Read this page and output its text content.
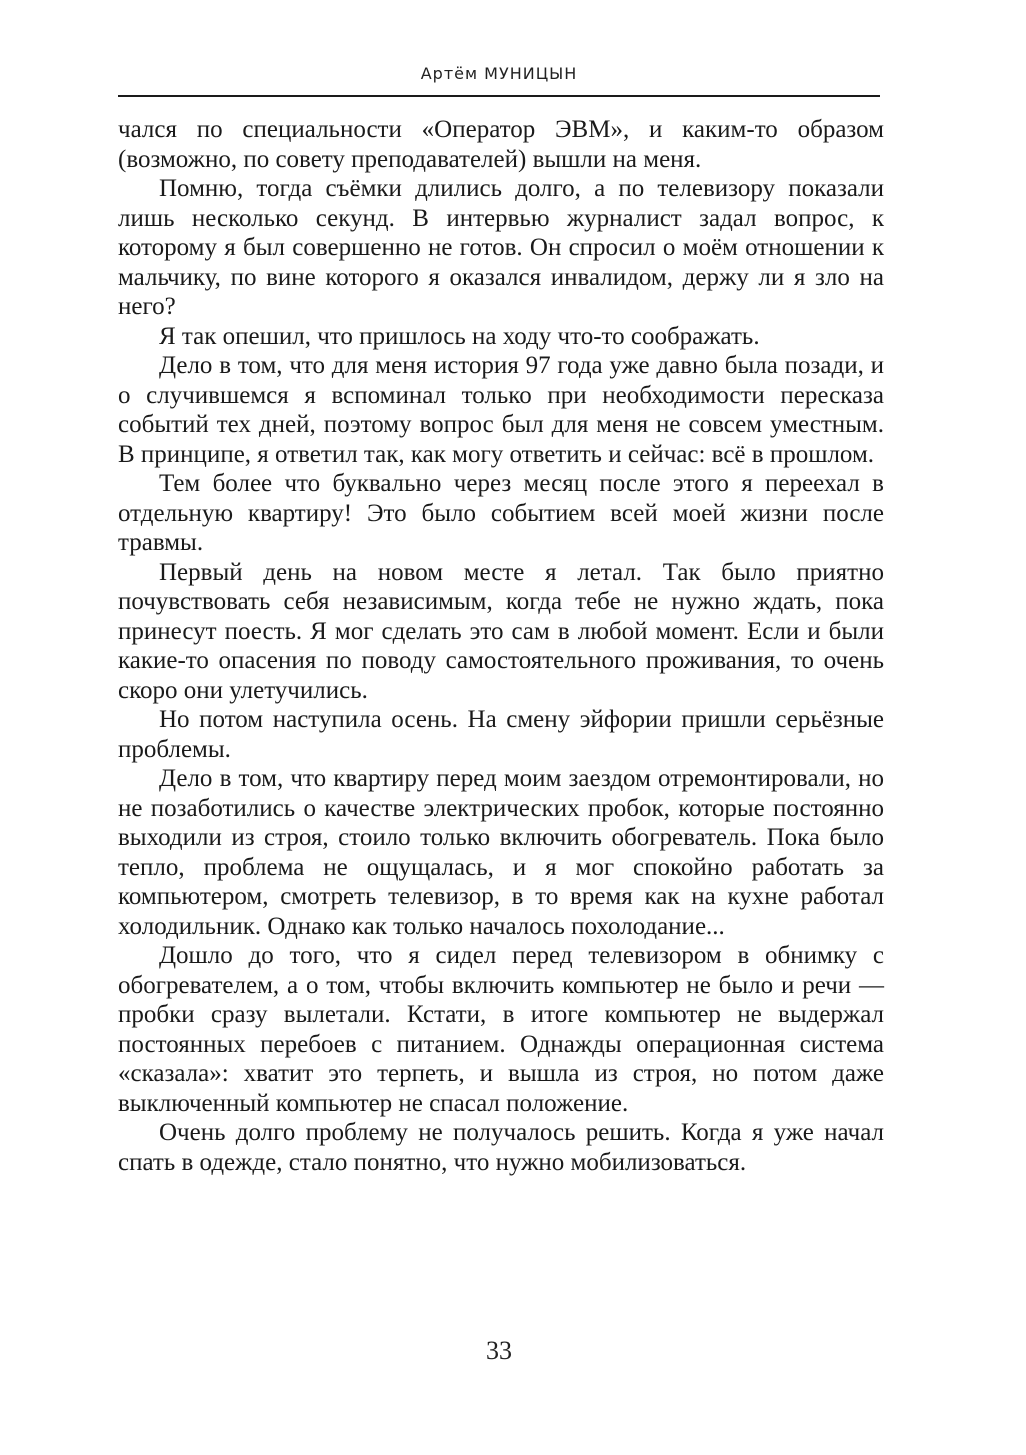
Артём МУНИЦЫН

чался по специальности «Оператор ЭВМ», и каким-то образом (возможно, по совету преподавателей) вышли на меня.

Помню, тогда съёмки длились долго, а по телевизору показали лишь несколько секунд. В интервью журналист задал вопрос, к которому я был совершенно не готов. Он спросил о моём отношении к мальчику, по вине которого я оказался инвалидом, держу ли я зло на него?

Я так опешил, что пришлось на ходу что-то соображать.

Дело в том, что для меня история 97 года уже давно была позади, и о случившемся я вспоминал только при необходимости пересказа событий тех дней, поэтому вопрос был для меня не совсем уместным. В принципе, я ответил так, как могу ответить и сейчас: всё в прошлом.

Тем более что буквально через месяц после этого я переехал в отдельную квартиру! Это было событием всей моей жизни после травмы.

Первый день на новом месте я летал. Так было приятно почувствовать себя независимым, когда тебе не нужно ждать, пока принесут поесть. Я мог сделать это сам в любой момент. Если и были какие-то опасения по поводу самостоятельного проживания, то очень скоро они улетучились.

Но потом наступила осень. На смену эйфории пришли серьёзные проблемы.

Дело в том, что квартиру перед моим заездом отремонтировали, но не позаботились о качестве электрических пробок, которые постоянно выходили из строя, стоило только включить обогреватель. Пока было тепло, проблема не ощущалась, и я мог спокойно работать за компьютером, смотреть телевизор, в то время как на кухне работал холодильник. Однако как только началось похолодание...

Дошло до того, что я сидел перед телевизором в обнимку с обогревателем, а о том, чтобы включить компьютер не было и речи — пробки сразу вылетали. Кстати, в итоге компьютер не выдержал постоянных перебоев с питанием. Однажды операционная система «сказала»: хватит это терпеть, и вышла из строя, но потом даже выключенный компьютер не спасал положение.

Очень долго проблему не получалось решить. Когда я уже начал спать в одежде, стало понятно, что нужно мобилизоваться.

33
